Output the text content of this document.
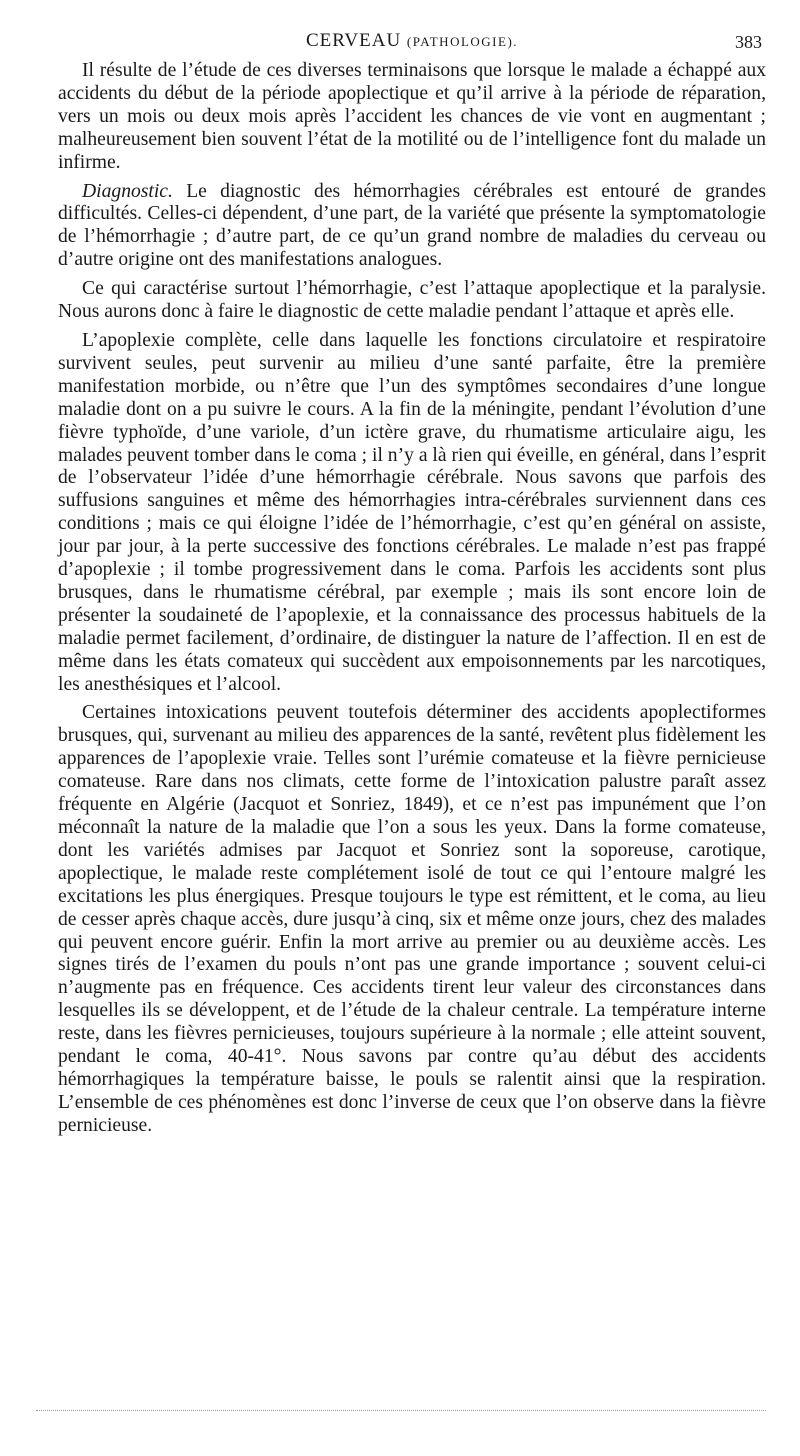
CERVEAU (PATHOLOGIE).	383

Il résulte de l’étude de ces diverses terminaisons que lorsque le malade a échappé aux accidents du début de la période apoplectique et qu’il arrive à la période de réparation, vers un mois ou deux mois après l’accident les chances de vie vont en augmentant ; malheureusement bien souvent l’état de la motilité ou de l’intelligence font du malade un infirme.

Diagnostic. Le diagnostic des hémorrhagies cérébrales est entouré de grandes difficultés. Celles-ci dépendent, d’une part, de la variété que présente la symptomatologie de l’hémorrhagie ; d’autre part, de ce qu’un grand nombre de maladies du cerveau ou d’autre origine ont des manifestations analogues.

Ce qui caractérise surtout l’hémorrhagie, c’est l’attaque apoplectique et la paralysie. Nous aurons donc à faire le diagnostic de cette maladie pendant l’attaque et après elle.

L’apoplexie complète, celle dans laquelle les fonctions circulatoire et respiratoire survivent seules, peut survenir au milieu d’une santé parfaite, être la première manifestation morbide, ou n’être que l’un des symptômes secondaires d’une longue maladie dont on a pu suivre le cours. A la fin de la méningite, pendant l’évolution d’une fièvre typhoïde, d’une variole, d’un ictère grave, du rhumatisme articulaire aigu, les malades peuvent tomber dans le coma ; il n’y a là rien qui éveille, en général, dans l’esprit de l’observateur l’idée d’une hémorrhagie cérébrale. Nous savons que parfois des suffusions sanguines et même des hémorrhagies intra-cérébrales surviennent dans ces conditions ; mais ce qui éloigne l’idée de l’hémorrhagie, c’est qu’en général on assiste, jour par jour, à la perte successive des fonctions cérébrales. Le malade n’est pas frappé d’apoplexie ; il tombe progressivement dans le coma. Parfois les accidents sont plus brusques, dans le rhumatisme cérébral, par exemple ; mais ils sont encore loin de présenter la soudaineté de l’apoplexie, et la connaissance des processus habituels de la maladie permet facilement, d’ordinaire, de distinguer la nature de l’affection. Il en est de même dans les états comateux qui succèdent aux empoisonnements par les narcotiques, les anesthésiques et l’alcool.

Certaines intoxications peuvent toutefois déterminer des accidents apoplectiformes brusques, qui, survenant au milieu des apparences de la santé, revêtent plus fidèlement les apparences de l’apoplexie vraie. Telles sont l’urémie comateuse et la fièvre pernicieuse comateuse. Rare dans nos climats, cette forme de l’intoxication palustre paraît assez fréquente en Algérie (Jacquot et Sonriez, 1849), et ce n’est pas impunément que l’on méconnaît la nature de la maladie que l’on a sous les yeux. Dans la forme comateuse, dont les variétés admises par Jacquot et Sonriez sont la soporeuse, carotique, apoplectique, le malade reste complétement isolé de tout ce qui l’entoure malgré les excitations les plus énergiques. Presque toujours le type est rémittent, et le coma, au lieu de cesser après chaque accès, dure jusqu’à cinq, six et même onze jours, chez des malades qui peuvent encore guérir. Enfin la mort arrive au premier ou au deuxième accès. Les signes tirés de l’examen du pouls n’ont pas une grande importance ; souvent celui-ci n’augmente pas en fréquence. Ces accidents tirent leur valeur des circonstances dans lesquelles ils se développent, et de l’étude de la chaleur centrale. La température interne reste, dans les fièvres pernicieuses, toujours supérieure à la normale ; elle atteint souvent, pendant le coma, 40-41°. Nous savons par contre qu’au début des accidents hémorrhagiques la température baisse, le pouls se ralentit ainsi que la respiration. L’ensemble de ces phénomènes est donc l’inverse de ceux que l’on observe dans la fièvre pernicieuse.
